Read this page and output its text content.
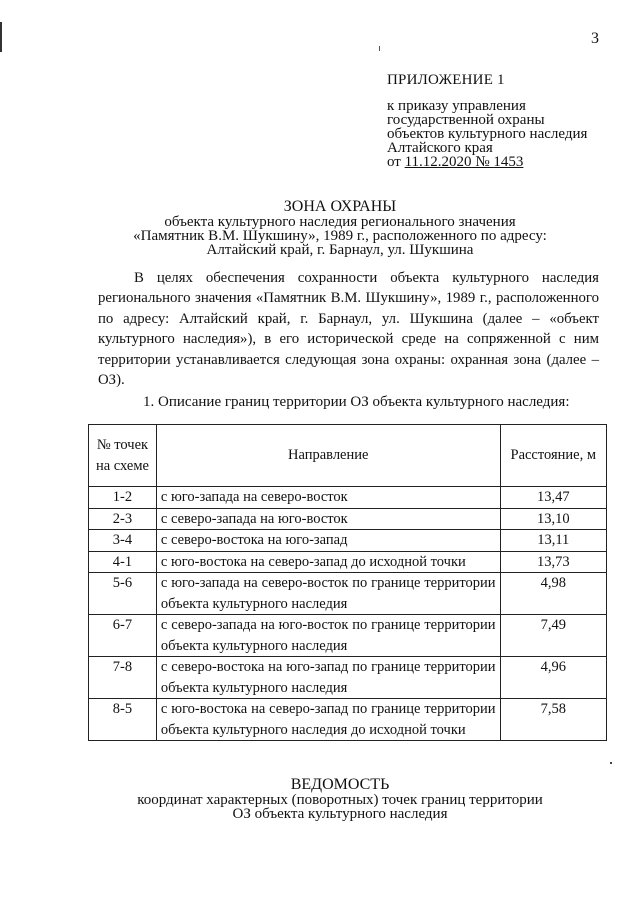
3
ПРИЛОЖЕНИЕ 1
к приказу управления
государственной охраны
объектов культурного наследия
Алтайского края
от 11.12.2020 № 1453
ЗОНА ОХРАНЫ
объекта культурного наследия регионального значения
«Памятник В.М. Шукшину», 1989 г., расположенного по адресу:
Алтайский край, г. Барнаул, ул. Шукшина

В целях обеспечения сохранности объекта культурного наследия регионального значения «Памятник В.М. Шукшину», 1989 г., расположенного по адресу: Алтайский край, г. Барнаул, ул. Шукшина (далее – «объект культурного наследия»), в его исторической среде на сопряженной с ним территории устанавливается следующая зона охраны: охранная зона (далее – ОЗ).

1. Описание границ территории ОЗ объекта культурного наследия:
№ точек на схеме	Направление	Расстояние, м
1-2	с юго-запада на северо-восток	13,47
2-3	с северо-запада на юго-восток	13,10
3-4	с северо-востока на юго-запад	13,11
4-1	с юго-востока на северо-запад до исходной точки	13,73
5-6	с юго-запада на северо-восток по границе территории объекта культурного наследия	4,98
6-7	с северо-запада на юго-восток по границе территории объекта культурного наследия	7,49
7-8	с северо-востока на юго-запад по границе территории объекта культурного наследия	4,96
8-5	с юго-востока на северо-запад по границе территории объекта культурного наследия до исходной точки	7,58
ВЕДОМОСТЬ
координат характерных (поворотных) точек границ территории
ОЗ объекта культурного наследия
